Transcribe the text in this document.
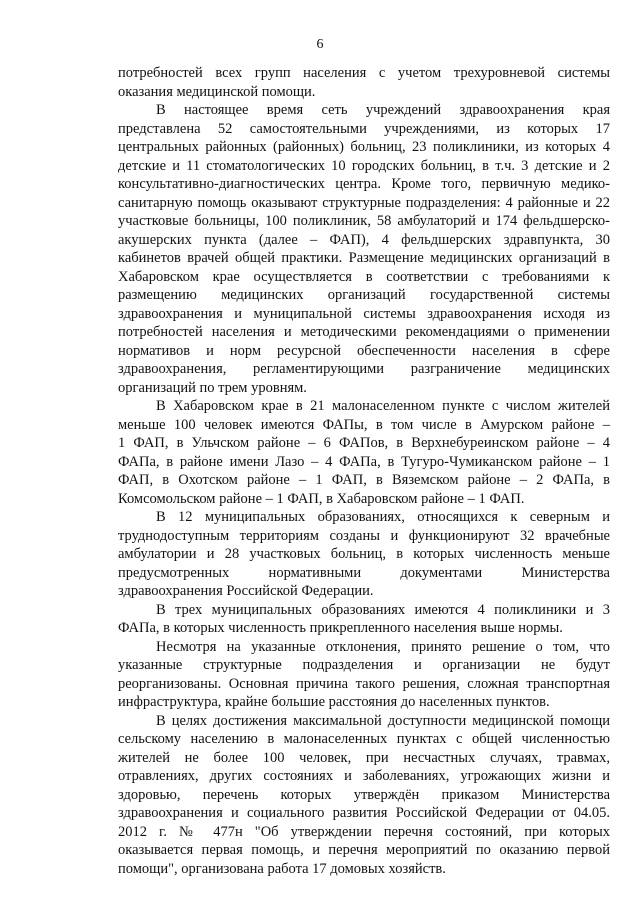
6

потребностей всех групп населения с учетом трехуровневой системы
оказания медицинской помощи.

В настоящее время сеть учреждений здравоохранения края
представлена 52 самостоятельными учреждениями, из которых 17
центральных районных (районных) больниц, 23 поликлиники, из которых 4
детские и 11 стоматологических 10 городских больниц, в т.ч. 3 детские и 2
консультативно-диагностических центра. Кроме того, первичную медико-
санитарную помощь оказывают структурные подразделения: 4 районные и 22
участковые больницы, 100 поликлиник, 58 амбулаторий и 174 фельдшерско-
акушерских пункта (далее – ФАП), 4 фельдшерских здравпункта, 30
кабинетов врачей общей практики. Размещение медицинских организаций в
Хабаровском крае осуществляется в соответствии с требованиями к
размещению медицинских организаций государственной системы
здравоохранения и муниципальной системы здравоохранения исходя из
потребностей населения и методическими рекомендациями о применении
нормативов и норм ресурсной обеспеченности населения в сфере
здравоохранения, регламентирующими разграничение медицинских
организаций по трем уровням.

В Хабаровском крае в 21 малонаселенном пункте с числом жителей
меньше 100 человек имеются ФАПы, в том числе в Амурском районе –
1 ФАП, в Ульчском районе – 6 ФАПов, в Верхнебуреинском районе – 4
ФАПа, в районе имени Лазо – 4 ФАПа, в Тугуро-Чумиканском районе – 1
ФАП, в Охотском районе – 1 ФАП, в Вяземском районе – 2 ФАПа, в
Комсомольском районе – 1 ФАП, в Хабаровском районе – 1 ФАП.

В 12 муниципальных образованиях, относящихся к северным и
труднодоступным территориям созданы и функционируют 32 врачебные
амбулатории и 28 участковых больниц, в которых численность меньше
предусмотренных нормативными документами Министерства
здравоохранения Российской Федерации.

В трех муниципальных образованиях имеются 4 поликлиники и 3
ФАПа, в которых численность прикрепленного населения выше нормы.

Несмотря на указанные отклонения, принято решение о том, что
указанные структурные подразделения и организации не будут
реорганизованы. Основная причина такого решения, сложная транспортная
инфраструктура, крайне большие расстояния до населенных пунктов.

В целях достижения максимальной доступности медицинской помощи
сельскому населению в малонаселенных пунктах с общей численностью
жителей не более 100 человек, при несчастных случаях, травмах,
отравлениях, других состояниях и заболеваниях, угрожающих жизни и
здоровью, перечень которых утверждён приказом Министерства
здравоохранения и социального развития Российской Федерации от 04.05.
2012 г. № 477н "Об утверждении перечня состояний, при которых
оказывается первая помощь, и перечня мероприятий по оказанию первой
помощи", организована работа 17 домовых хозяйств.
